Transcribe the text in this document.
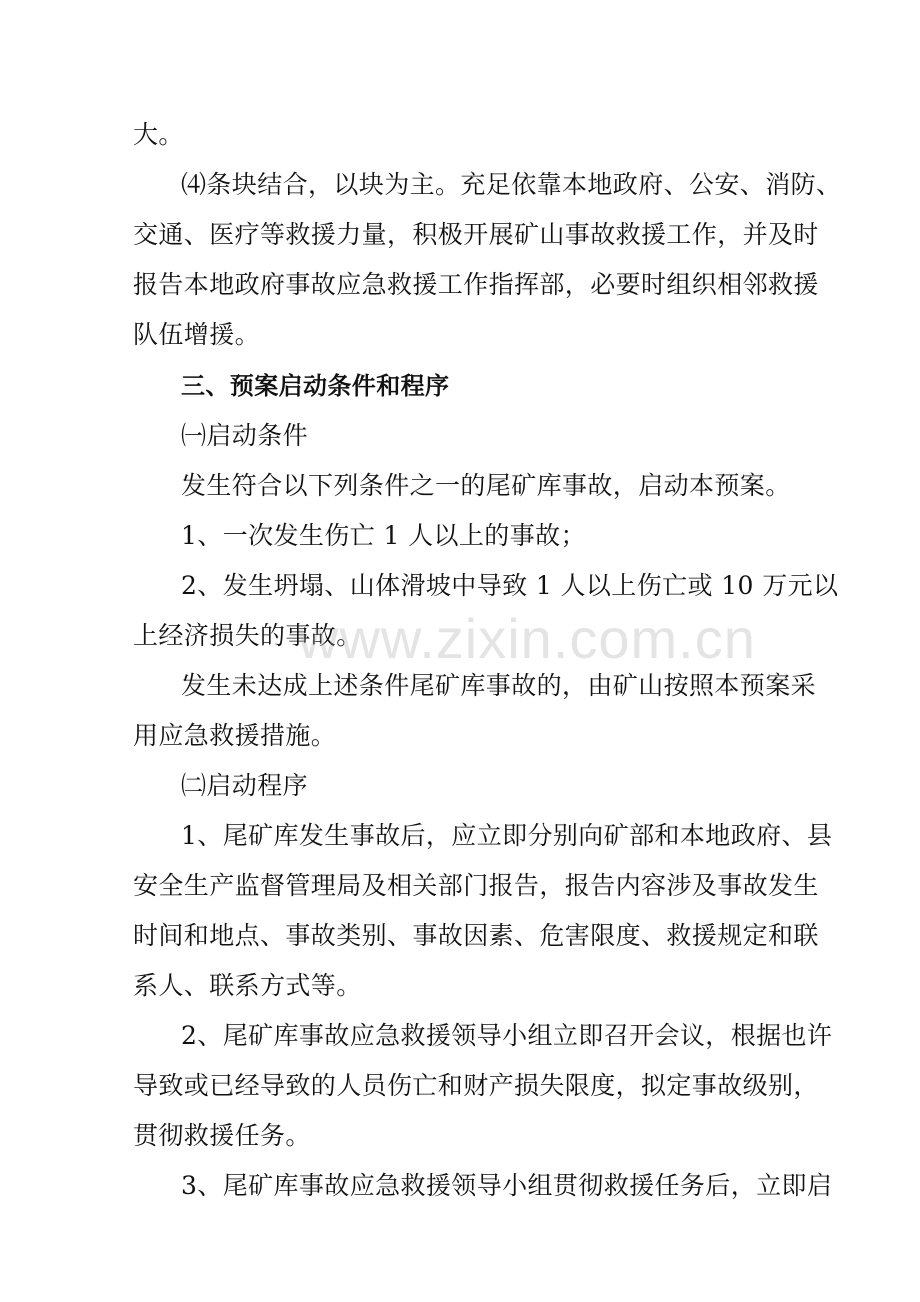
大。
⑷条块结合，以块为主。充足依靠本地政府、公安、消防、
交通、医疗等救援力量，积极开展矿山事故救援工作，并及时
报告本地政府事故应急救援工作指挥部，必要时组织相邻救援
队伍增援。
三、预案启动条件和程序
㈠启动条件
发生符合以下列条件之一的尾矿库事故，启动本预案。
1、一次发生伤亡 1 人以上的事故；
2、发生坍塌、山体滑坡中导致 1 人以上伤亡或 10 万元以
上经济损失的事故。
发生未达成上述条件尾矿库事故的，由矿山按照本预案采
用应急救援措施。
㈡启动程序
1、尾矿库发生事故后，应立即分别向矿部和本地政府、县
安全生产监督管理局及相关部门报告，报告内容涉及事故发生
时间和地点、事故类别、事故因素、危害限度、救援规定和联
系人、联系方式等。
2、尾矿库事故应急救援领导小组立即召开会议，根据也许
导致或已经导致的人员伤亡和财产损失限度，拟定事故级别，
贯彻救援任务。
3、尾矿库事故应急救援领导小组贯彻救援任务后，立即启
www.zixin.com.cn
